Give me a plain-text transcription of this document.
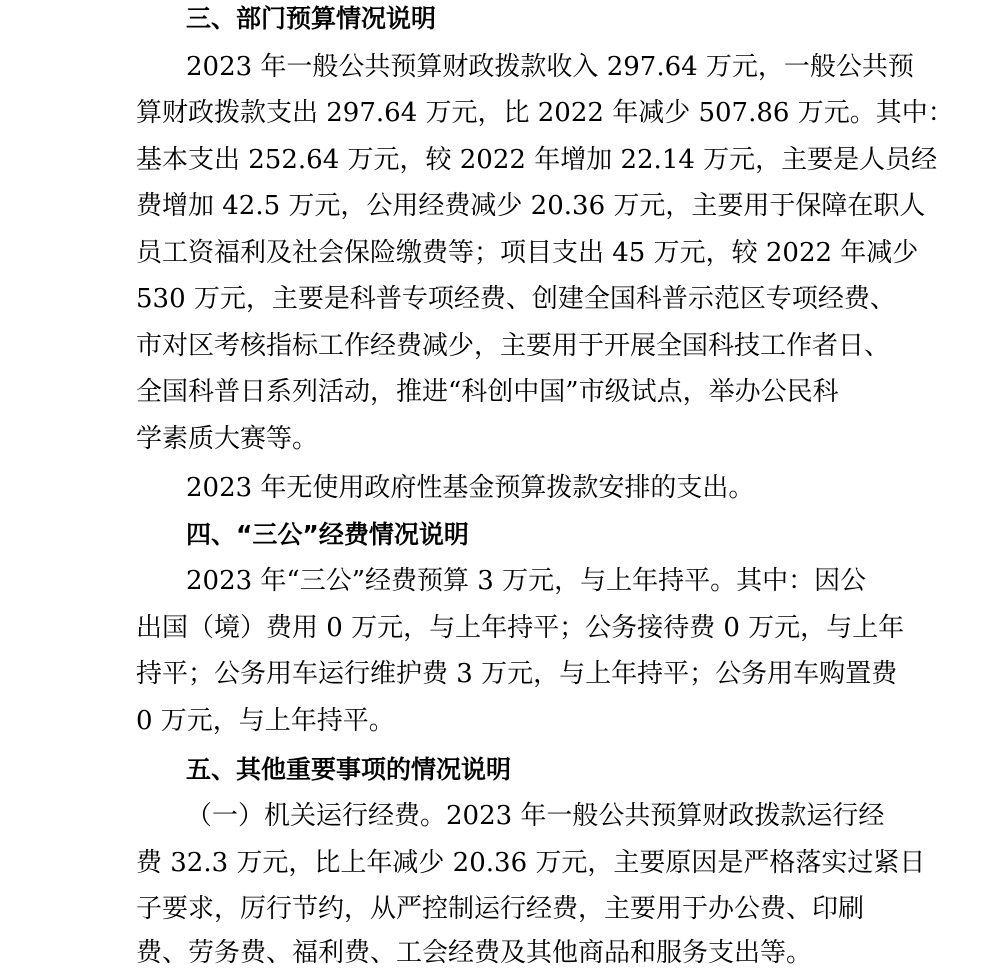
三、部门预算情况说明
2023 年一般公共预算财政拨款收入 297.64 万元，一般公共预
算财政拨款支出 297.64 万元，比 2022 年减少 507.86 万元。其中：
基本支出 252.64 万元，较 2022 年增加 22.14 万元，主要是人员经
费增加 42.5 万元，公用经费减少 20.36 万元，主要用于保障在职人
员工资福利及社会保险缴费等；项目支出 45 万元，较 2022 年减少
530 万元，主要是科普专项经费、创建全国科普示范区专项经费、
市对区考核指标工作经费减少，主要用于开展全国科技工作者日、
全国科普日系列活动，推进“科创中国”市级试点，举办公民科
学素质大赛等。
2023 年无使用政府性基金预算拨款安排的支出。
四、“三公”经费情况说明
2023 年“三公”经费预算 3 万元，与上年持平。其中：因公
出国（境）费用 0 万元，与上年持平；公务接待费 0 万元，与上年
持平；公务用车运行维护费 3 万元，与上年持平；公务用车购置费
0 万元，与上年持平。
五、其他重要事项的情况说明
（一）机关运行经费。2023 年一般公共预算财政拨款运行经
费 32.3 万元，比上年减少 20.36 万元，主要原因是严格落实过紧日
子要求，厉行节约，从严控制运行经费，主要用于办公费、印刷
费、劳务费、福利费、工会经费及其他商品和服务支出等。
